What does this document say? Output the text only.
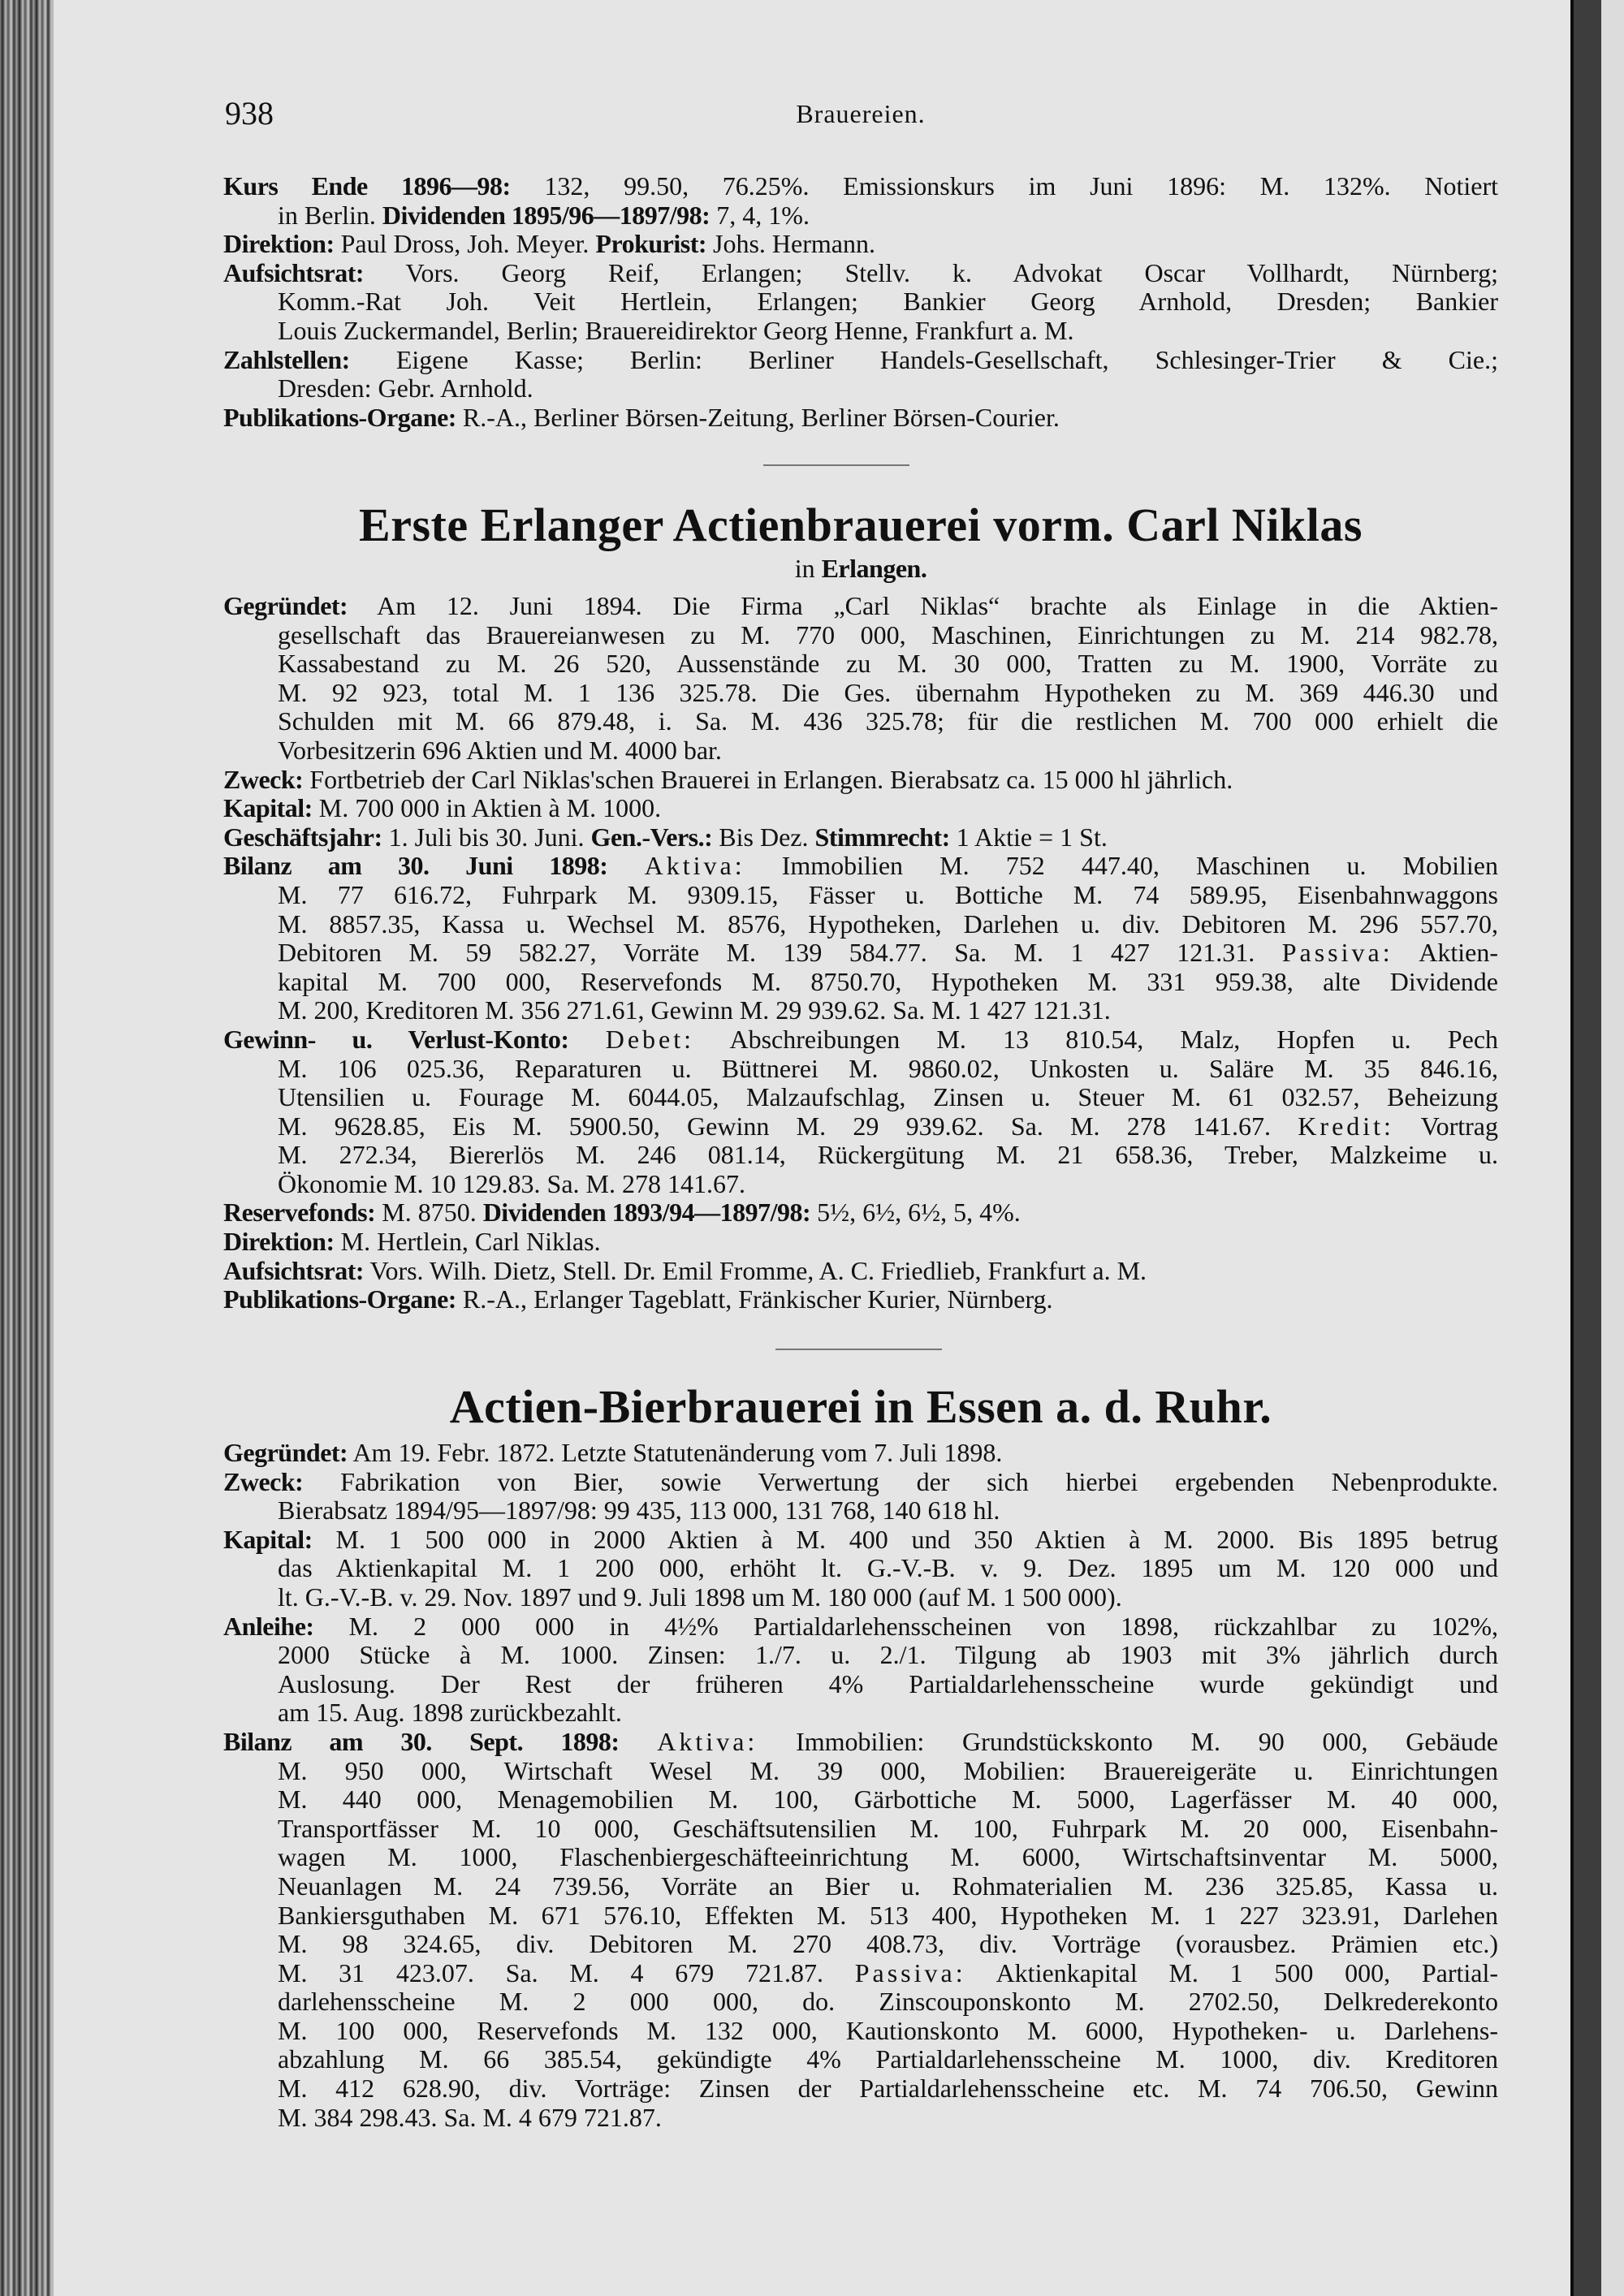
938	Brauereien.
Kurs Ende 1896—98: 132, 99.50, 76.25%. Emissionskurs im Juni 1896: M. 132%. Notiert
in Berlin. Dividenden 1895/96—1897/98: 7, 4, 1%.
Direktion: Paul Dross, Joh. Meyer. Prokurist: Johs. Hermann.
Aufsichtsrat: Vors. Georg Reif, Erlangen; Stellv. k. Advokat Oscar Vollhardt, Nürnberg;
Komm.-Rat Joh. Veit Hertlein, Erlangen; Bankier Georg Arnhold, Dresden; Bankier
Louis Zuckermandel, Berlin; Brauereidirektor Georg Henne, Frankfurt a. M.
Zahlstellen: Eigene Kasse; Berlin: Berliner Handels-Gesellschaft, Schlesinger-Trier & Cie.;
Dresden: Gebr. Arnhold.
Publikations-Organe: R.-A., Berliner Börsen-Zeitung, Berliner Börsen-Courier.
Erste Erlanger Actienbrauerei vorm. Carl Niklas
in Erlangen.
Gegründet: Am 12. Juni 1894. Die Firma „Carl Niklas“ brachte als Einlage in die Aktien-
gesellschaft das Brauereianwesen zu M. 770 000, Maschinen, Einrichtungen zu M. 214 982.78,
Kassabestand zu M. 26 520, Aussenstände zu M. 30 000, Tratten zu M. 1900, Vorräte zu
M. 92 923, total M. 1 136 325.78. Die Ges. übernahm Hypotheken zu M. 369 446.30 und
Schulden mit M. 66 879.48, i. Sa. M. 436 325.78; für die restlichen M. 700 000 erhielt die
Vorbesitzerin 696 Aktien und M. 4000 bar.
Zweck: Fortbetrieb der Carl Niklas'schen Brauerei in Erlangen. Bierabsatz ca. 15 000 hl jährlich.
Kapital: M. 700 000 in Aktien à M. 1000.
Geschäftsjahr: 1. Juli bis 30. Juni. Gen.-Vers.: Bis Dez. Stimmrecht: 1 Aktie = 1 St.
Bilanz am 30. Juni 1898: Aktiva: Immobilien M. 752 447.40, Maschinen u. Mobilien
M. 77 616.72, Fuhrpark M. 9309.15, Fässer u. Bottiche M. 74 589.95, Eisenbahnwaggons
M. 8857.35, Kassa u. Wechsel M. 8576, Hypotheken, Darlehen u. div. Debitoren M. 296 557.70,
Debitoren M. 59 582.27, Vorräte M. 139 584.77. Sa. M. 1 427 121.31. Passiva: Aktien-
kapital M. 700 000, Reservefonds M. 8750.70, Hypotheken M. 331 959.38, alte Dividende
M. 200, Kreditoren M. 356 271.61, Gewinn M. 29 939.62. Sa. M. 1 427 121.31.
Gewinn- u. Verlust-Konto: Debet: Abschreibungen M. 13 810.54, Malz, Hopfen u. Pech
M. 106 025.36, Reparaturen u. Büttnerei M. 9860.02, Unkosten u. Saläre M. 35 846.16,
Utensilien u. Fourage M. 6044.05, Malzaufschlag, Zinsen u. Steuer M. 61 032.57, Beheizung
M. 9628.85, Eis M. 5900.50, Gewinn M. 29 939.62. Sa. M. 278 141.67. Kredit: Vortrag
M. 272.34, Biererlös M. 246 081.14, Rückergütung M. 21 658.36, Treber, Malzkeime u.
Ökonomie M. 10 129.83. Sa. M. 278 141.67.
Reservefonds: M. 8750. Dividenden 1893/94—1897/98: 5½, 6½, 6½, 5, 4%.
Direktion: M. Hertlein, Carl Niklas.
Aufsichtsrat: Vors. Wilh. Dietz, Stell. Dr. Emil Fromme, A. C. Friedlieb, Frankfurt a. M.
Publikations-Organe: R.-A., Erlanger Tageblatt, Fränkischer Kurier, Nürnberg.
Actien-Bierbrauerei in Essen a. d. Ruhr.
Gegründet: Am 19. Febr. 1872. Letzte Statutenänderung vom 7. Juli 1898.
Zweck: Fabrikation von Bier, sowie Verwertung der sich hierbei ergebenden Nebenprodukte.
Bierabsatz 1894/95—1897/98: 99 435, 113 000, 131 768, 140 618 hl.
Kapital: M. 1 500 000 in 2000 Aktien à M. 400 und 350 Aktien à M. 2000. Bis 1895 betrug
das Aktienkapital M. 1 200 000, erhöht lt. G.-V.-B. v. 9. Dez. 1895 um M. 120 000 und
lt. G.-V.-B. v. 29. Nov. 1897 und 9. Juli 1898 um M. 180 000 (auf M. 1 500 000).
Anleihe: M. 2 000 000 in 4½% Partialdarlehensscheinen von 1898, rückzahlbar zu 102%,
2000 Stücke à M. 1000. Zinsen: 1./7. u. 2./1. Tilgung ab 1903 mit 3% jährlich durch
Auslosung. Der Rest der früheren 4% Partialdarlehensscheine wurde gekündigt und
am 15. Aug. 1898 zurückbezahlt.
Bilanz am 30. Sept. 1898: Aktiva: Immobilien: Grundstückskonto M. 90 000, Gebäude
M. 950 000, Wirtschaft Wesel M. 39 000, Mobilien: Brauereigeräte u. Einrichtungen
M. 440 000, Menagemobilien M. 100, Gärbottiche M. 5000, Lagerfässer M. 40 000,
Transportfässer M. 10 000, Geschäftsutensilien M. 100, Fuhrpark M. 20 000, Eisenbahn-
wagen M. 1000, Flaschenbiergeschäfteeinrichtung M. 6000, Wirtschaftsinventar M. 5000,
Neuanlagen M. 24 739.56, Vorräte an Bier u. Rohmaterialien M. 236 325.85, Kassa u.
Bankiersguthaben M. 671 576.10, Effekten M. 513 400, Hypotheken M. 1 227 323.91, Darlehen
M. 98 324.65, div. Debitoren M. 270 408.73, div. Vorträge (vorausbez. Prämien etc.)
M. 31 423.07. Sa. M. 4 679 721.87. Passiva: Aktienkapital M. 1 500 000, Partial-
darlehensscheine M. 2 000 000, do. Zinscouponskonto M. 2702.50, Delkrederekonto
M. 100 000, Reservefonds M. 132 000, Kautionskonto M. 6000, Hypotheken- u. Darlehens-
abzahlung M. 66 385.54, gekündigte 4% Partialdarlehensscheine M. 1000, div. Kreditoren
M. 412 628.90, div. Vorträge: Zinsen der Partialdarlehensscheine etc. M. 74 706.50, Gewinn
M. 384 298.43. Sa. M. 4 679 721.87.
